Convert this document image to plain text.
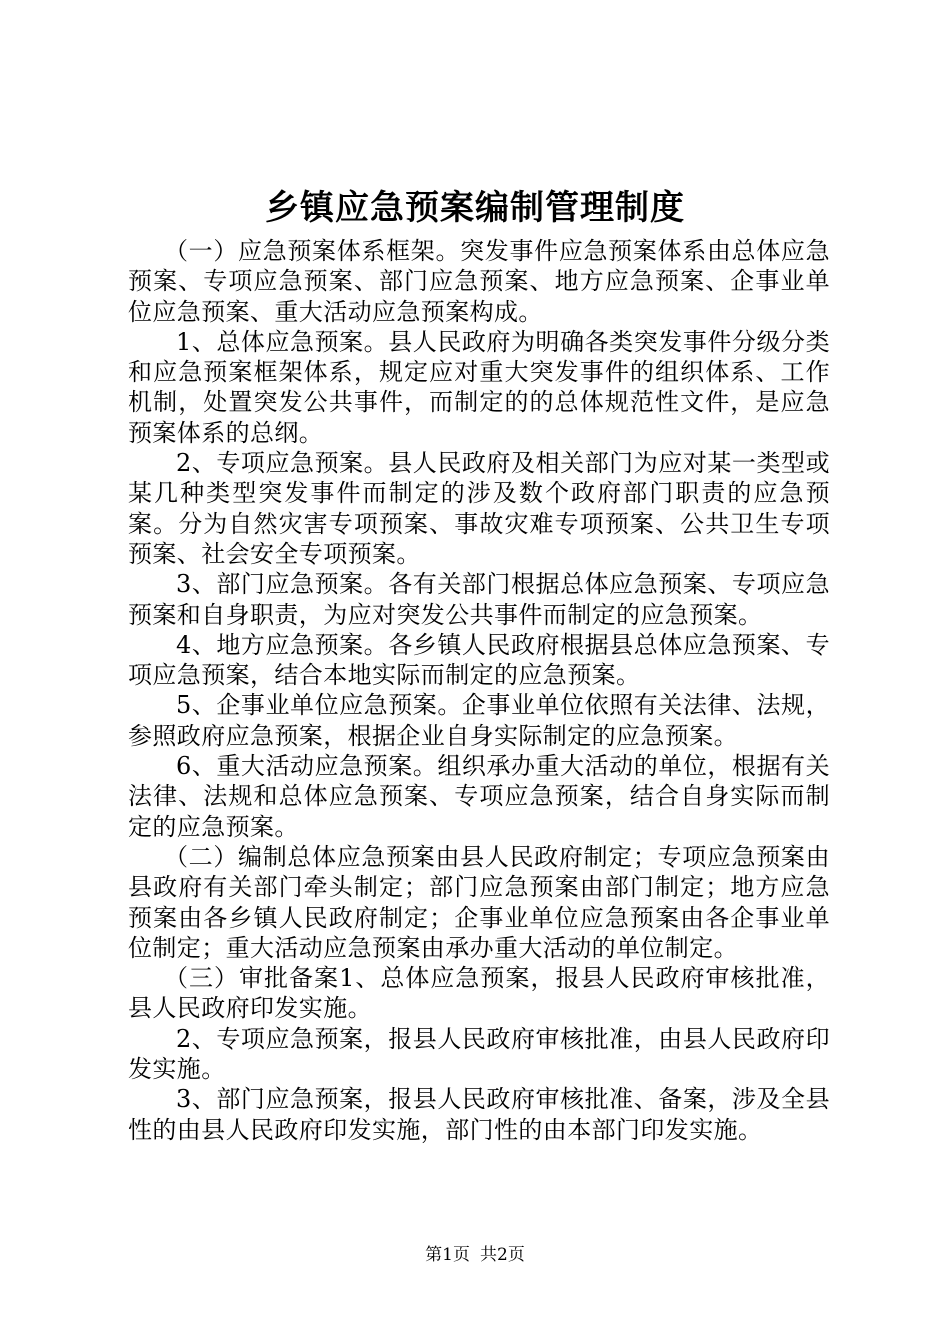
乡镇应急预案编制管理制度

（一）应急预案体系框架。突发事件应急预案体系由总体应急预案、专项应急预案、部门应急预案、地方应急预案、企事业单位应急预案、重大活动应急预案构成。

1、总体应急预案。县人民政府为明确各类突发事件分级分类和应急预案框架体系，规定应对重大突发事件的组织体系、工作机制，处置突发公共事件，而制定的的总体规范性文件，是应急预案体系的总纲。

2、专项应急预案。县人民政府及相关部门为应对某一类型或某几种类型突发事件而制定的涉及数个政府部门职责的应急预案。分为自然灾害专项预案、事故灾难专项预案、公共卫生专项预案、社会安全专项预案。

3、部门应急预案。各有关部门根据总体应急预案、专项应急预案和自身职责，为应对突发公共事件而制定的应急预案。

4、地方应急预案。各乡镇人民政府根据县总体应急预案、专项应急预案，结合本地实际而制定的应急预案。

5、企事业单位应急预案。企事业单位依照有关法律、法规，参照政府应急预案，根据企业自身实际制定的应急预案。

6、重大活动应急预案。组织承办重大活动的单位，根据有关法律、法规和总体应急预案、专项应急预案，结合自身实际而制定的应急预案。

（二）编制总体应急预案由县人民政府制定；专项应急预案由县政府有关部门牵头制定；部门应急预案由部门制定；地方应急预案由各乡镇人民政府制定；企事业单位应急预案由各企事业单位制定；重大活动应急预案由承办重大活动的单位制定。

（三）审批备案1、总体应急预案，报县人民政府审核批准，县人民政府印发实施。

2、专项应急预案，报县人民政府审核批准，由县人民政府印发实施。

3、部门应急预案，报县人民政府审核批准、备案，涉及全县性的由县人民政府印发实施，部门性的由本部门印发实施。

第1页 共2页
